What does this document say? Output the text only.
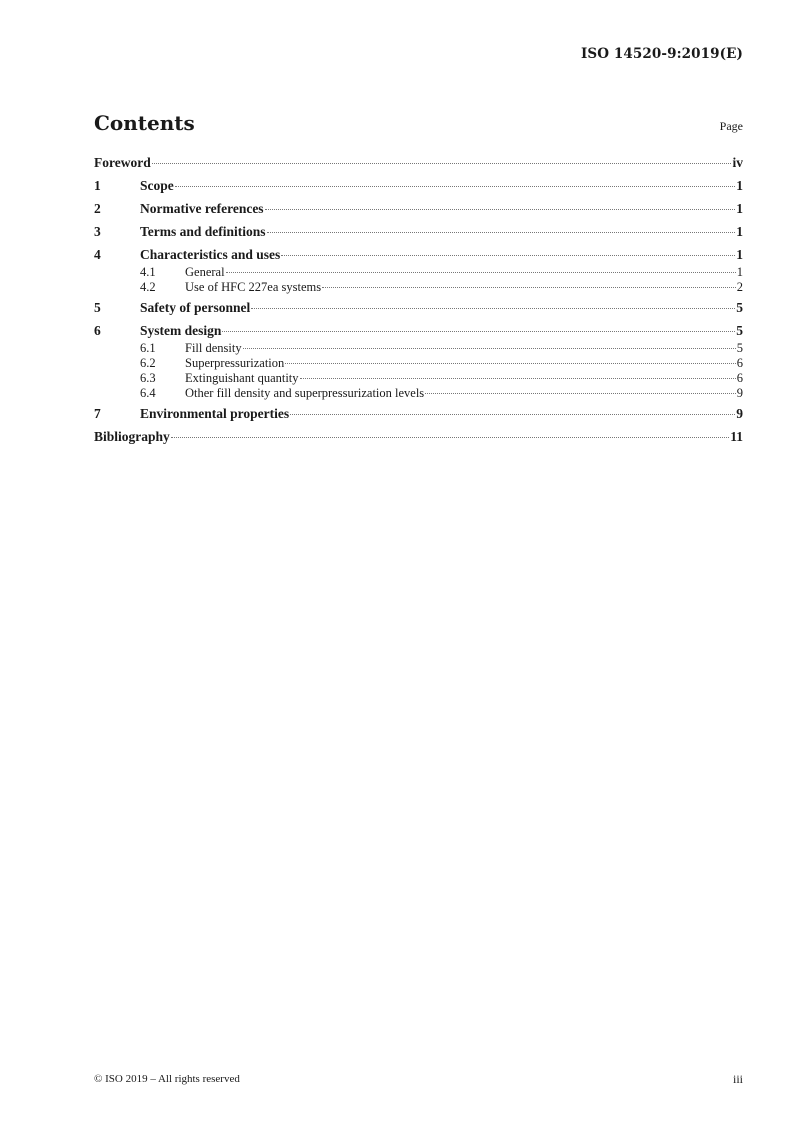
ISO 14520-9:2019(E)
Contents	Page
Foreword	iv
1	Scope	1
2	Normative references	1
3	Terms and definitions	1
4	Characteristics and uses	1
4.1	General	1
4.2	Use of HFC 227ea systems	2
5	Safety of personnel	5
6	System design	5
6.1	Fill density	5
6.2	Superpressurization	6
6.3	Extinguishant quantity	6
6.4	Other fill density and superpressurization levels	9
7	Environmental properties	9
Bibliography	11
© ISO 2019 – All rights reserved	iii
